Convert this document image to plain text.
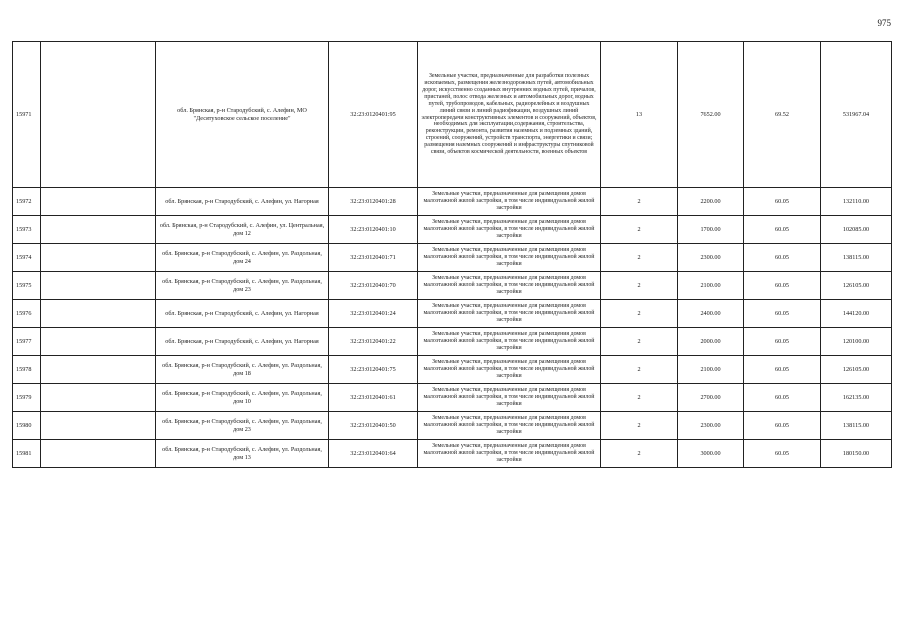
975
15971		обл. Брянская, р-н Стародубский, с. Алефин, МО "Десятуховское сельское поселение"	32:23:0120401:95	Земельные участки, предназначенные для разработки полезных ископаемых, размещения железнодорожных путей, автомобильных дорог, искусственно созданных внутренних водных путей, причалов, пристаней, полос отвода железных и автомобильных дорог, водных путей, трубопроводов, кабельных, радиорелейных и воздушных линий связи и линий радиофикации, воздушных линий электропередачи конструктивных элементов и сооружений, объектов, необходимых для эксплуатации,содержания, строительства, реконструкции, ремонта, развития наземных и подземных зданий, строений, сооружений, устройств транспорта, энергетики и связи; размещения наземных сооружений и инфраструктуры спутниковой связи, объектов космической деятельности, военных объектов	13	7652.00	69.52	531967.04
15972		обл. Брянская, р-н Стародубский, с. Алефин, ул. Нагорная	32:23:0120401:28	Земельные участки, предназначенные для размещения домов малоэтажной жилой застройки, в том числе индивидуальной жилой застройки	2	2200.00	60.05	132110.00
15973		обл. Брянская, р-н Стародубский, с. Алефин, ул. Центральная, дом 12	32:23:0120401:10	Земельные участки, предназначенные для размещения домов малоэтажной жилой застройки, в том числе индивидуальной жилой застройки	2	1700.00	60.05	102085.00
15974		обл. Брянская, р-н Стародубский, с. Алефин, ул. Раздольная, дом 24	32:23:0120401:71	Земельные участки, предназначенные для размещения домов малоэтажной жилой застройки, в том числе индивидуальной жилой застройки	2	2300.00	60.05	138115.00
15975		обл. Брянская, р-н Стародубский, с. Алефин, ул. Раздольная, дом 23	32:23:0120401:70	Земельные участки, предназначенные для размещения домов малоэтажной жилой застройки, в том числе индивидуальной жилой застройки	2	2100.00	60.05	126105.00
15976		обл. Брянская, р-н Стародубский, с. Алефин, ул. Нагорная	32:23:0120401:24	Земельные участки, предназначенные для размещения домов малоэтажной жилой застройки, в том числе индивидуальной жилой застройки	2	2400.00	60.05	144120.00
15977		обл. Брянская, р-н Стародубский, с. Алефин, ул. Нагорная	32:23:0120401:22	Земельные участки, предназначенные для размещения домов малоэтажной жилой застройки, в том числе индивидуальной жилой застройки	2	2000.00	60.05	120100.00
15978		обл. Брянская, р-н Стародубский, с. Алефин, ул. Раздольная, дом 18	32:23:0120401:75	Земельные участки, предназначенные для размещения домов малоэтажной жилой застройки, в том числе индивидуальной жилой застройки	2	2100.00	60.05	126105.00
15979		обл. Брянская, р-н Стародубский, с. Алефин, ул. Раздольная, дом 10	32:23:0120401:61	Земельные участки, предназначенные для размещения домов малоэтажной жилой застройки, в том числе индивидуальной жилой застройки	2	2700.00	60.05	162135.00
15980		обл. Брянская, р-н Стародубский, с. Алефин, ул. Раздольная, дом 23	32:23:0120401:50	Земельные участки, предназначенные для размещения домов малоэтажной жилой застройки, в том числе индивидуальной жилой застройки	2	2300.00	60.05	138115.00
15981		обл. Брянская, р-н Стародубский, с. Алефин, ул. Раздольная, дом 13	32:23:0120401:64	Земельные участки, предназначенные для размещения домов малоэтажной жилой застройки, в том числе индивидуальной жилой застройки	2	3000.00	60.05	180150.00
